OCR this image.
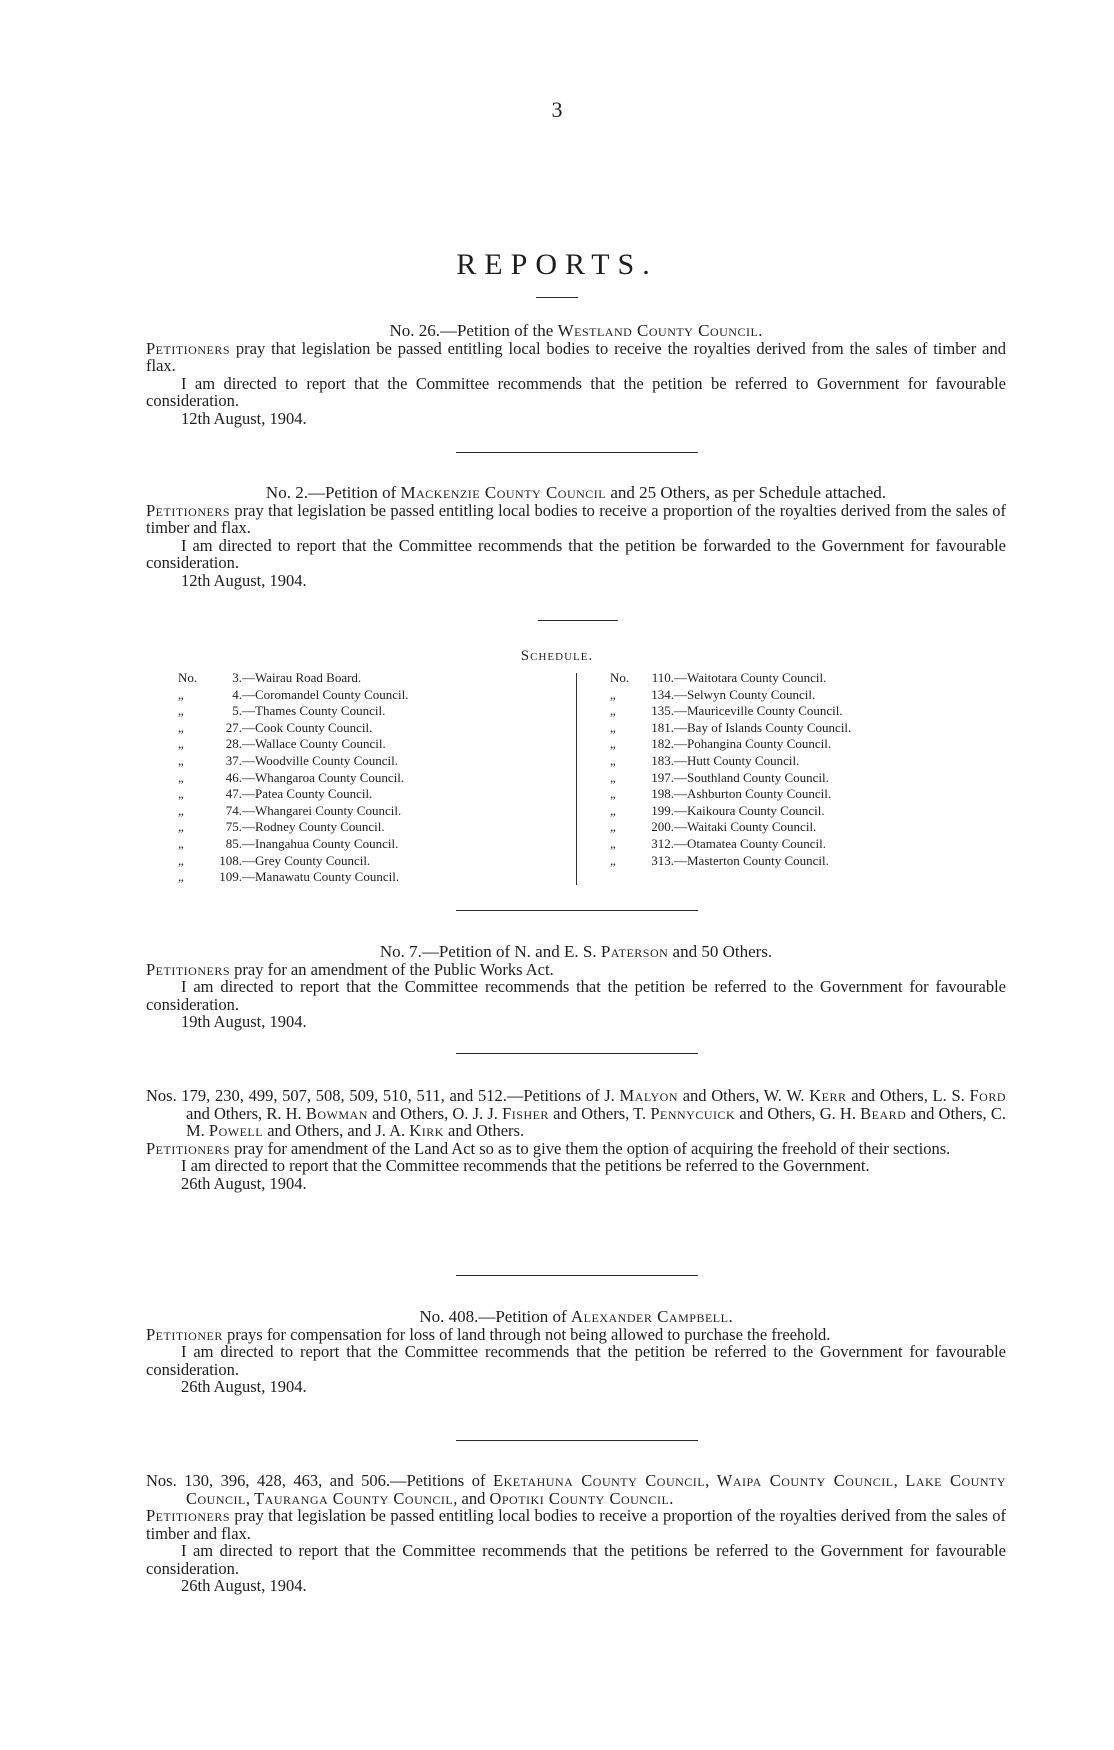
3
REPORTS.

No. 26.—Petition of the Westland County Council.

Petitioners pray that legislation be passed entitling local bodies to receive the royalties derived from the sales of timber and flax.

I am directed to report that the Committee recommends that the petition be referred to Government for favourable consideration.

12th August, 1904.

No. 2.—Petition of Mackenzie County Council and 25 Others, as per Schedule attached.

Petitioners pray that legislation be passed entitling local bodies to receive a proportion of the royalties derived from the sales of timber and flax.

I am directed to report that the Committee recommends that the petition be forwarded to the Government for favourable consideration.

12th August, 1904.

Schedule.
No.	3. —Wairau Road Board.
„	4. —Coromandel County Council.
„	5. —Thames County Council.
„	27. —Cook County Council.
„	28. —Wallace County Council.
„	37. —Woodville County Council.
„	46. —Whangaroa County Council.
„	47. —Patea County Council.
„	74. —Whangarei County Council.
„	75. —Rodney County Council.
„	85. —Inangahua County Council.
„	108. —Grey County Council.
„	109. —Manawatu County Council.
No.	110. —Waitotara County Council.
„	134. —Selwyn County Council.
„	135. —Mauriceville County Council.
„	181. —Bay of Islands County Council.
„	182. —Pohangina County Council.
„	183. —Hutt County Council.
„	197. —Southland County Council.
„	198. —Ashburton County Council.
„	199. —Kaikoura County Council.
„	200. —Waitaki County Council.
„	312. —Otamatea County Council.
„	313. —Masterton County Council.

No. 7.—Petition of N. and E. S. Paterson and 50 Others.

Petitioners pray for an amendment of the Public Works Act.

I am directed to report that the Committee recommends that the petition be referred to the Government for favourable consideration.

19th August, 1904.

Nos. 179, 230, 499, 507, 508, 509, 510, 511, and 512.—Petitions of J. Malyon and Others, W. W. Kerr and Others, L. S. Ford and Others, R. H. Bowman and Others, O. J. J. Fisher and Others, T. Pennycuick and Others, G. H. Beard and Others, C. M. Powell and Others, and J. A. Kirk and Others.

Petitioners pray for amendment of the Land Act so as to give them the option of acquiring the freehold of their sections.

I am directed to report that the Committee recommends that the petitions be referred to the Government.

26th August, 1904.

No. 408.—Petition of Alexander Campbell.

Petitioner prays for compensation for loss of land through not being allowed to purchase the freehold.

I am directed to report that the Committee recommends that the petition be referred to the Government for favourable consideration.

26th August, 1904.

Nos. 130, 396, 428, 463, and 506.—Petitions of Eketahuna County Council, Waipa County Council, Lake County Council, Tauranga County Council, and Opotiki County Council.

Petitioners pray that legislation be passed entitling local bodies to receive a proportion of the royalties derived from the sales of timber and flax.

I am directed to report that the Committee recommends that the petitions be referred to the Government for favourable consideration.

26th August, 1904.
